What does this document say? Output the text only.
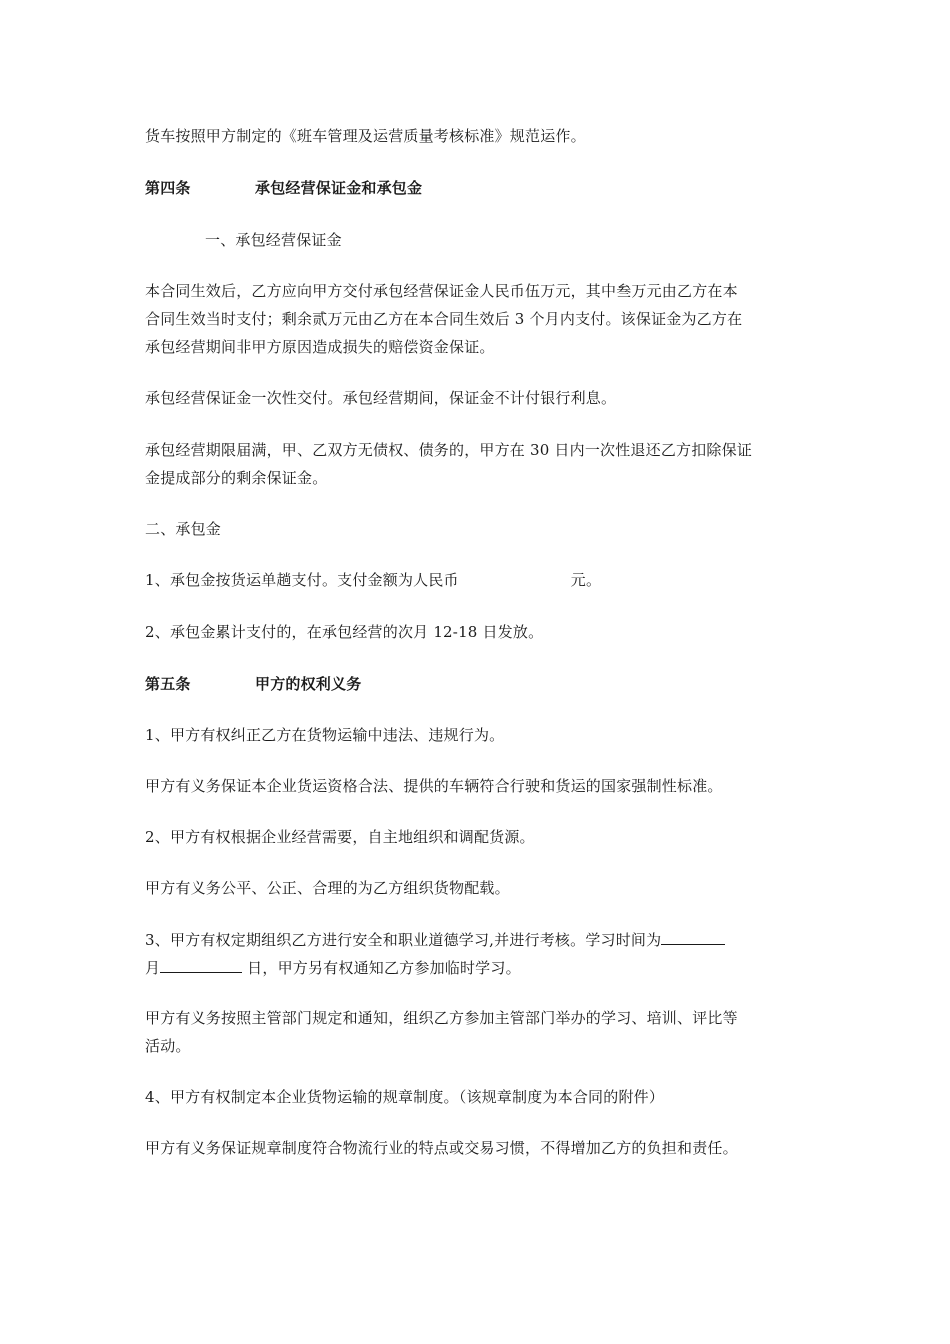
货车按照甲方制定的《班车管理及运营质量考核标准》规范运作。
第四条	承包经营保证金和承包金
一、承包经营保证金
本合同生效后，乙方应向甲方交付承包经营保证金人民币伍万元，其中叁万元由乙方在本
合同生效当时支付；剩余贰万元由乙方在本合同生效后 3 个月内支付。该保证金为乙方在
承包经营期间非甲方原因造成损失的赔偿资金保证。
承包经营保证金一次性交付。承包经营期间，保证金不计付银行利息。
承包经营期限届满，甲、乙双方无债权、债务的，甲方在 30 日内一次性退还乙方扣除保证
金提成部分的剩余保证金。
二、承包金
1、承包金按货运单趟支付。支付金额为人民币	元。
2、承包金累计支付的，在承包经营的次月 12-18 日发放。
第五条	甲方的权利义务
1、甲方有权纠正乙方在货物运输中违法、违规行为。
甲方有义务保证本企业货运资格合法、提供的车辆符合行驶和货运的国家强制性标准。
2、甲方有权根据企业经营需要，自主地组织和调配货源。
甲方有义务公平、公正、合理的为乙方组织货物配载。
3、甲方有权定期组织乙方进行安全和职业道德学习,并进行考核。学习时间为
月	日，甲方另有权通知乙方参加临时学习。
甲方有义务按照主管部门规定和通知，组织乙方参加主管部门举办的学习、培训、评比等
活动。
4、甲方有权制定本企业货物运输的规章制度。（该规章制度为本合同的附件）
甲方有义务保证规章制度符合物流行业的特点或交易习惯，不得增加乙方的负担和责任。
